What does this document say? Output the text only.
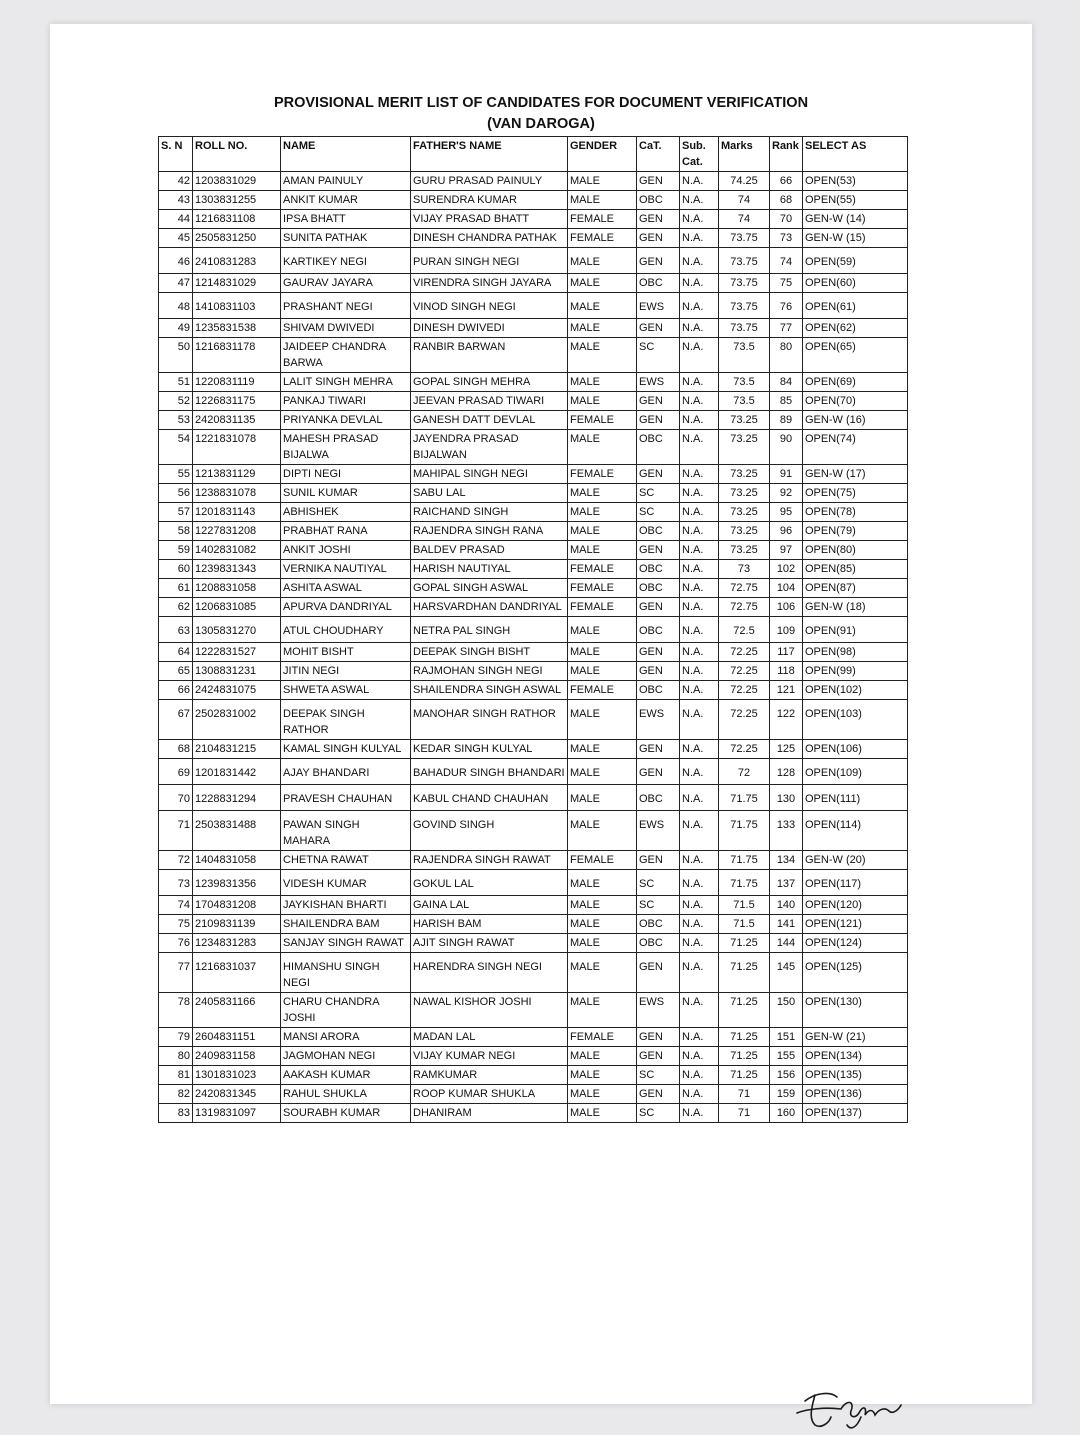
PROVISIONAL MERIT LIST OF CANDIDATES FOR DOCUMENT VERIFICATION
(VAN DAROGA)
S. N	ROLL NO.	NAME	FATHER'S NAME	GENDER	CaT.	Sub. Cat.	Marks	Rank	SELECT AS
42	1203831029	AMAN PAINULY	GURU PRASAD PAINULY	MALE	GEN	N.A.	74.25	66	OPEN(53)
43	1303831255	ANKIT KUMAR	SURENDRA KUMAR	MALE	OBC	N.A.	74	68	OPEN(55)
44	1216831108	IPSA BHATT	VIJAY PRASAD BHATT	FEMALE	GEN	N.A.	74	70	GEN-W (14)
45	2505831250	SUNITA PATHAK	DINESH CHANDRA PATHAK	FEMALE	GEN	N.A.	73.75	73	GEN-W (15)
46	2410831283	KARTIKEY NEGI	PURAN SINGH NEGI	MALE	GEN	N.A.	73.75	74	OPEN(59)
47	1214831029	GAURAV JAYARA	VIRENDRA SINGH JAYARA	MALE	OBC	N.A.	73.75	75	OPEN(60)
48	1410831103	PRASHANT NEGI	VINOD SINGH NEGI	MALE	EWS	N.A.	73.75	76	OPEN(61)
49	1235831538	SHIVAM DWIVEDI	DINESH DWIVEDI	MALE	GEN	N.A.	73.75	77	OPEN(62)
50	1216831178	JAIDEEP CHANDRA BARWA	RANBIR BARWAN	MALE	SC	N.A.	73.5	80	OPEN(65)
51	1220831119	LALIT SINGH MEHRA	GOPAL SINGH MEHRA	MALE	EWS	N.A.	73.5	84	OPEN(69)
52	1226831175	PANKAJ TIWARI	JEEVAN PRASAD TIWARI	MALE	GEN	N.A.	73.5	85	OPEN(70)
53	2420831135	PRIYANKA DEVLAL	GANESH DATT DEVLAL	FEMALE	GEN	N.A.	73.25	89	GEN-W (16)
54	1221831078	MAHESH PRASAD BIJALWA	JAYENDRA PRASAD BIJALWAN	MALE	OBC	N.A.	73.25	90	OPEN(74)
55	1213831129	DIPTI NEGI	MAHIPAL SINGH NEGI	FEMALE	GEN	N.A.	73.25	91	GEN-W (17)
56	1238831078	SUNIL KUMAR	SABU LAL	MALE	SC	N.A.	73.25	92	OPEN(75)
57	1201831143	ABHISHEK	RAICHAND SINGH	MALE	SC	N.A.	73.25	95	OPEN(78)
58	1227831208	PRABHAT RANA	RAJENDRA SINGH RANA	MALE	OBC	N.A.	73.25	96	OPEN(79)
59	1402831082	ANKIT JOSHI	BALDEV PRASAD	MALE	GEN	N.A.	73.25	97	OPEN(80)
60	1239831343	VERNIKA NAUTIYAL	HARISH NAUTIYAL	FEMALE	OBC	N.A.	73	102	OPEN(85)
61	1208831058	ASHITA ASWAL	GOPAL SINGH ASWAL	FEMALE	OBC	N.A.	72.75	104	OPEN(87)
62	1206831085	APURVA DANDRIYAL	HARSVARDHAN DANDRIYAL	FEMALE	GEN	N.A.	72.75	106	GEN-W (18)
63	1305831270	ATUL CHOUDHARY	NETRA PAL SINGH	MALE	OBC	N.A.	72.5	109	OPEN(91)
64	1222831527	MOHIT BISHT	DEEPAK SINGH BISHT	MALE	GEN	N.A.	72.25	117	OPEN(98)
65	1308831231	JITIN NEGI	RAJMOHAN SINGH NEGI	MALE	GEN	N.A.	72.25	118	OPEN(99)
66	2424831075	SHWETA ASWAL	SHAILENDRA SINGH ASWAL	FEMALE	OBC	N.A.	72.25	121	OPEN(102)
67	2502831002	DEEPAK SINGH RATHOR	MANOHAR SINGH RATHOR	MALE	EWS	N.A.	72.25	122	OPEN(103)
68	2104831215	KAMAL SINGH KULYAL	KEDAR SINGH KULYAL	MALE	GEN	N.A.	72.25	125	OPEN(106)
69	1201831442	AJAY BHANDARI	BAHADUR SINGH BHANDARI	MALE	GEN	N.A.	72	128	OPEN(109)
70	1228831294	PRAVESH CHAUHAN	KABUL CHAND CHAUHAN	MALE	OBC	N.A.	71.75	130	OPEN(111)
71	2503831488	PAWAN SINGH MAHARA	GOVIND SINGH	MALE	EWS	N.A.	71.75	133	OPEN(114)
72	1404831058	CHETNA RAWAT	RAJENDRA SINGH RAWAT	FEMALE	GEN	N.A.	71.75	134	GEN-W (20)
73	1239831356	VIDESH KUMAR	GOKUL LAL	MALE	SC	N.A.	71.75	137	OPEN(117)
74	1704831208	JAYKISHAN BHARTI	GAINA LAL	MALE	SC	N.A.	71.5	140	OPEN(120)
75	2109831139	SHAILENDRA BAM	HARISH BAM	MALE	OBC	N.A.	71.5	141	OPEN(121)
76	1234831283	SANJAY SINGH RAWAT	AJIT SINGH RAWAT	MALE	OBC	N.A.	71.25	144	OPEN(124)
77	1216831037	HIMANSHU SINGH NEGI	HARENDRA SINGH NEGI	MALE	GEN	N.A.	71.25	145	OPEN(125)
78	2405831166	CHARU CHANDRA JOSHI	NAWAL KISHOR JOSHI	MALE	EWS	N.A.	71.25	150	OPEN(130)
79	2604831151	MANSI ARORA	MADAN LAL	FEMALE	GEN	N.A.	71.25	151	GEN-W (21)
80	2409831158	JAGMOHAN NEGI	VIJAY KUMAR NEGI	MALE	GEN	N.A.	71.25	155	OPEN(134)
81	1301831023	AAKASH KUMAR	RAMKUMAR	MALE	SC	N.A.	71.25	156	OPEN(135)
82	2420831345	RAHUL SHUKLA	ROOP KUMAR SHUKLA	MALE	GEN	N.A.	71	159	OPEN(136)
83	1319831097	SOURABH KUMAR	DHANIRAM	MALE	SC	N.A.	71	160	OPEN(137)
